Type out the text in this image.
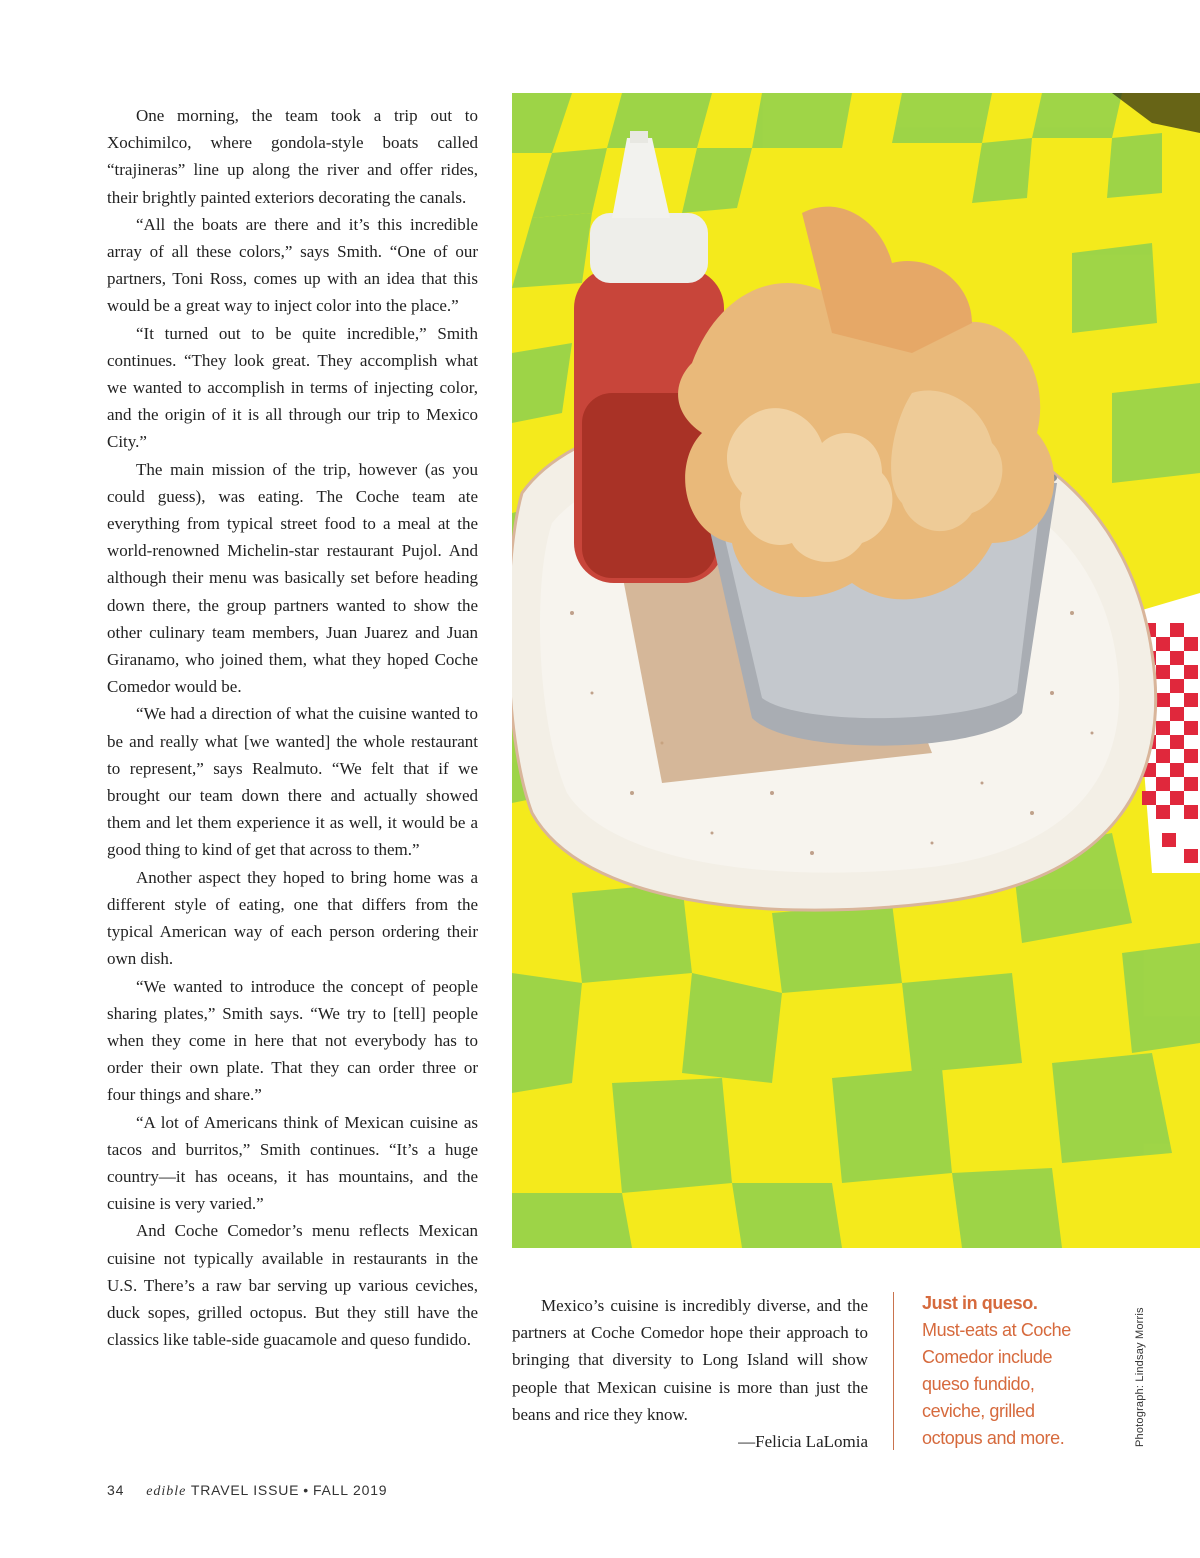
One morning, the team took a trip out to Xochimilco, where gondola-style boats called “trajineras” line up along the river and offer rides, their brightly painted exteriors decorating the canals.

“All the boats are there and it’s this incredible array of all these colors,” says Smith. “One of our partners, Toni Ross, comes up with an idea that this would be a great way to inject color into the place.”

“It turned out to be quite incredible,” Smith continues. “They look great. They accomplish what we wanted to accomplish in terms of injecting color, and the origin of it is all through our trip to Mexico City.”

The main mission of the trip, however (as you could guess), was eating. The Coche team ate everything from typical street food to a meal at the world-renowned Michelin-star restaurant Pujol. And although their menu was basically set before heading down there, the group partners wanted to show the other culinary team members, Juan Juarez and Juan Giranamo, who joined them, what they hoped Coche Comedor would be.

“We had a direction of what the cuisine wanted to be and really what [we wanted] the whole restaurant to represent,” says Realmuto. “We felt that if we brought our team down there and actually showed them and let them experience it as well, it would be a good thing to kind of get that across to them.”

Another aspect they hoped to bring home was a different style of eating, one that differs from the typical American way of each person ordering their own dish.

“We wanted to introduce the concept of people sharing plates,” Smith says. “We try to [tell] people when they come in here that not everybody has to order their own plate. That they can order three or four things and share.”

“A lot of Americans think of Mexican cuisine as tacos and burritos,” Smith continues. “It’s a huge country—it has oceans, it has mountains, and the cuisine is very varied.”

And Coche Comedor’s menu reflects Mexican cuisine not typically available in restaurants in the U.S. There’s a raw bar serving up various ceviches, duck sopes, grilled octopus. But they still have the classics like table-side guacamole and queso fundido.

Mexico’s cuisine is incredibly diverse, and the partners at Coche Comedor hope their approach to bringing that diversity to Long Island will show people that Mexican cuisine is more than just the beans and rice they know.

—Felicia LaLomia

Just in queso.
Must-eats at Coche Comedor include queso fundido, ceviche, grilled octopus and more.	Photograph: Lindsay Morris
34 edible TRAVEL ISSUE • FALL 2019
